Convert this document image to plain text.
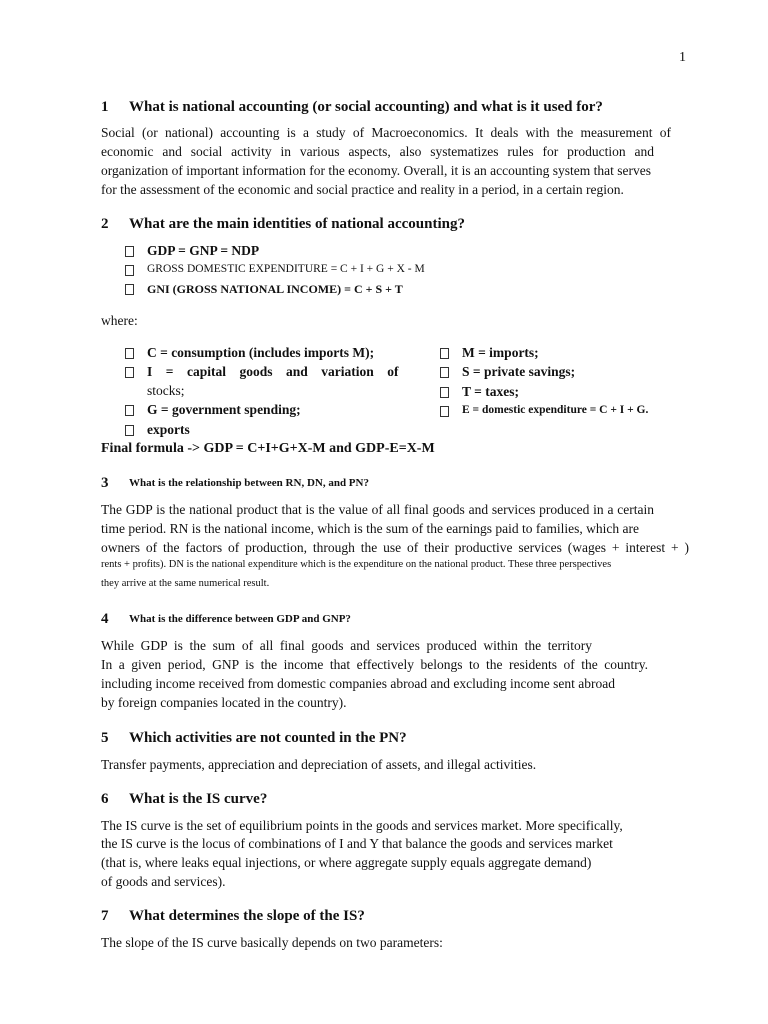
1
1 What is national accounting (or social accounting) and what is it used for?
Social (or national) accounting is a study of Macroeconomics. It deals with the measurement of
economic and social activity in various aspects, also systematizes rules for production and
organization of important information for the economy. Overall, it is an accounting system that serves
for the assessment of the economic and social practice and reality in a period, in a certain region.
2 What are the main identities of national accounting?
GDP = GNP = NDP
GROSS DOMESTIC EXPENDITURE = C + I + G + X - M
GNI (GROSS NATIONAL INCOME) = C + S + T
where:
C = consumption (includes imports M);
I    =    capital    goods    and    variation    of
stocks;
G = government spending;
exports
M = imports;
S = private savings;
T = taxes;
E = domestic expenditure = C + I + G.
Final formula -> GDP = C+I+G+X-M and GDP-E=X-M
3 What is the relationship between RN, DN, and PN?
The GDP is the national product that is the value of all final goods and services produced in a certain
time period. RN is the national income, which is the sum of the earnings paid to families, which are
owners of the factors of production, through the use of their productive services (wages + interest + )
rents + profits). DN is the national expenditure which is the expenditure on the national product. These three perspectives
they arrive at the same numerical result.
4 What is the difference between GDP and GNP?
While GDP is the sum of all final goods and services produced within the territory
In a given period, GNP is the income that effectively belongs to the residents of the country.
including income received from domestic companies abroad and excluding income sent abroad
by foreign companies located in the country).
5 Which activities are not counted in the PN?
Transfer payments, appreciation and depreciation of assets, and illegal activities.
6 What is the IS curve?
The IS curve is the set of equilibrium points in the goods and services market. More specifically,
the IS curve is the locus of combinations of I and Y that balance the goods and services market
(that is, where leaks equal injections, or where aggregate supply equals aggregate demand)
of goods and services).
7 What determines the slope of the IS?
The slope of the IS curve basically depends on two parameters:
